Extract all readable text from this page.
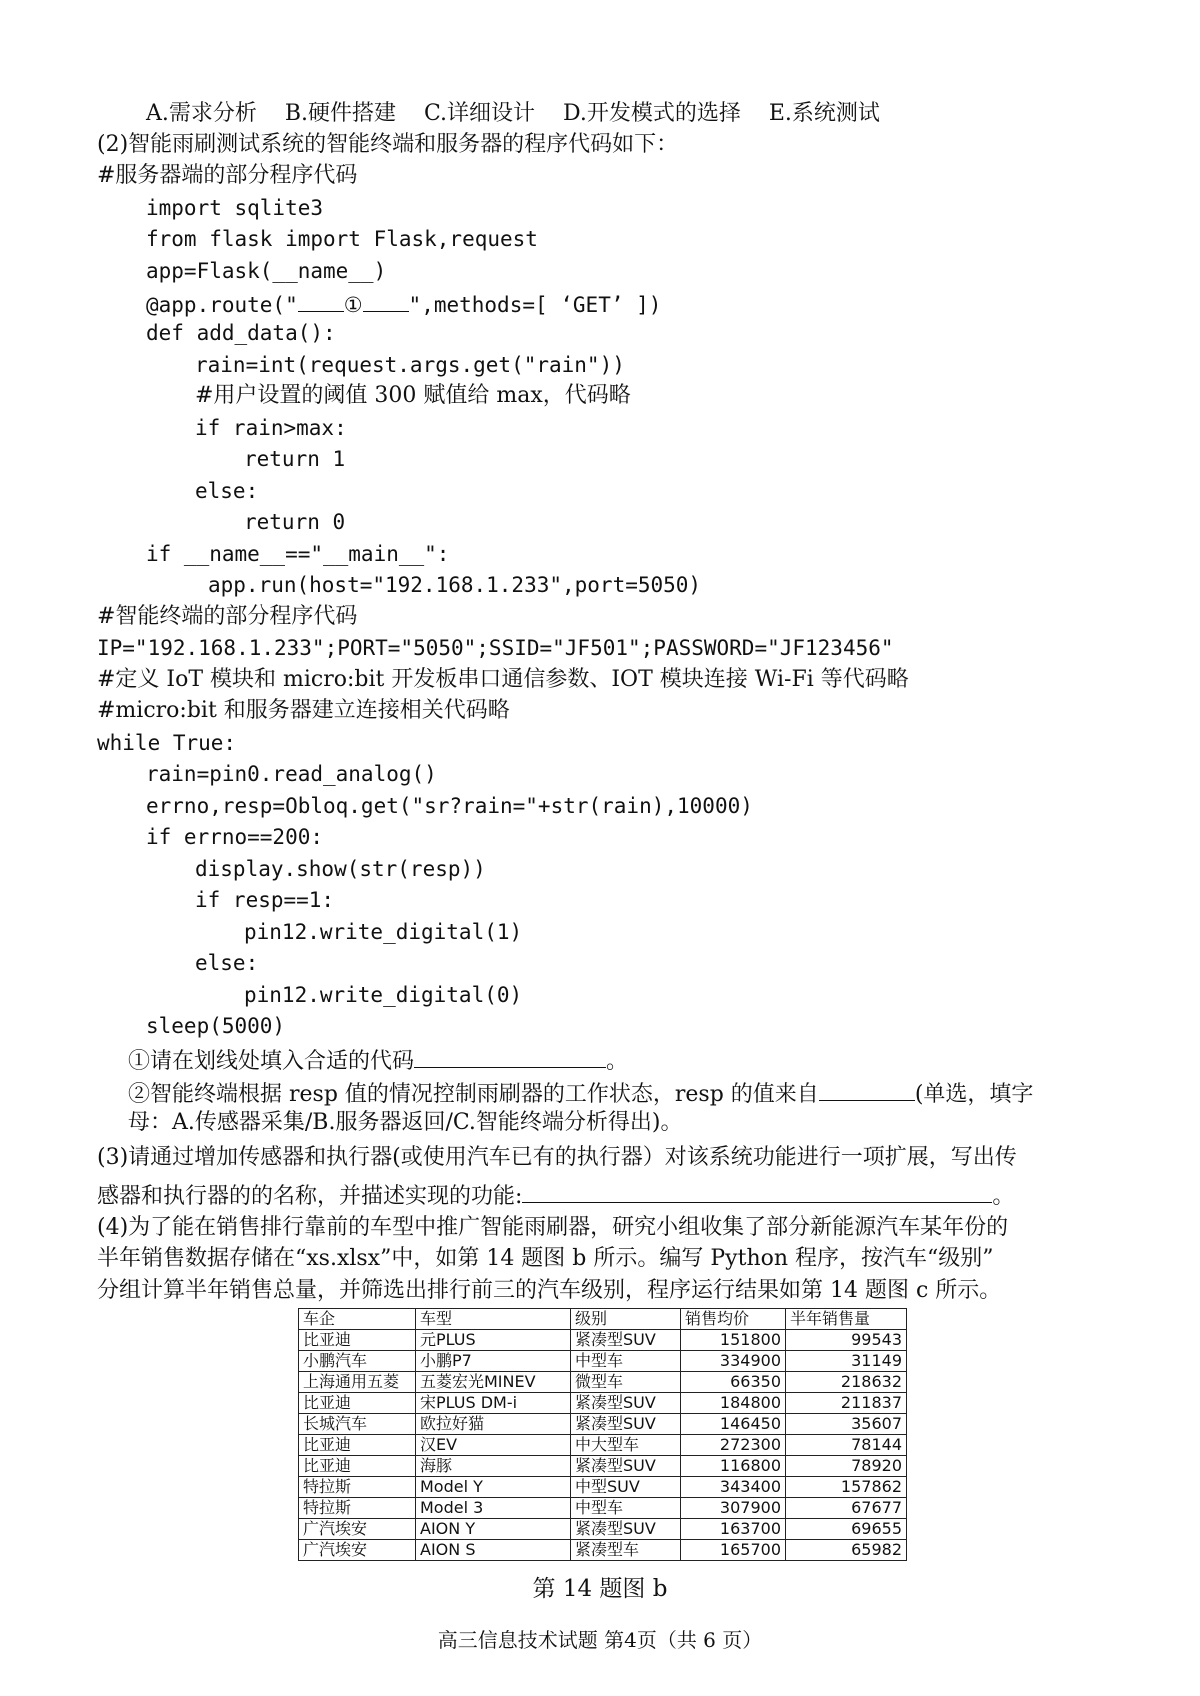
A.需求分析    B.硬件搭建    C.详细设计    D.开发模式的选择    E.系统测试
(2)智能雨刷测试系统的智能终端和服务器的程序代码如下：
#服务器端的部分程序代码
import sqlite3
from flask import Flask,request
app=Flask(__name__)
@app.route(" ① ",methods=[ ‘GET’ ])
def add_data():
rain=int(request.args.get("rain"))
#用户设置的阈值 300 赋值给 max，代码略
if rain>max:
return 1
else:
return 0
if __name__=="__main__":
app.run(host="192.168.1.233",port=5050)
#智能终端的部分程序代码
IP="192.168.1.233";PORT="5050";SSID="JF501";PASSWORD="JF123456"
#定义 IoT 模块和 micro:bit 开发板串口通信参数、IOT 模块连接 Wi-Fi 等代码略
#micro:bit 和服务器建立连接相关代码略
while True:
rain=pin0.read_analog()
errno,resp=Obloq.get("sr?rain="+str(rain),10000)
if errno==200:
display.show(str(resp))
if resp==1:
pin12.write_digital(1)
else:
pin12.write_digital(0)
sleep(5000)
①请在划线处填入合适的代码	。
②智能终端根据 resp 值的情况控制雨刷器的工作状态，resp 的值来自	(单选，填字
母：A.传感器采集/B.服务器返回/C.智能终端分析得出)。
(3)请通过增加传感器和执行器(或使用汽车已有的执行器）对该系统功能进行一项扩展，写出传
感器和执行器的的名称，并描述实现的功能:	。
(4)为了能在销售排行靠前的车型中推广智能雨刷器，研究小组收集了部分新能源汽车某年份的
半年销售数据存储在“xs.xlsx”中，如第 14 题图 b 所示。编写 Python 程序，按汽车“级别”
分组计算半年销售总量，并筛选出排行前三的汽车级别，程序运行结果如第 14 题图 c 所示。
车企	车型	级别	销售均价	半年销售量
比亚迪	元PLUS	紧凑型SUV	151800	99543
小鹏汽车	小鹏P7	中型车	334900	31149
上海通用五菱	五菱宏光MINEV	微型车	66350	218632
比亚迪	宋PLUS DM-i	紧凑型SUV	184800	211837
长城汽车	欧拉好猫	紧凑型SUV	146450	35607
比亚迪	汉EV	中大型车	272300	78144
比亚迪	海豚	紧凑型SUV	116800	78920
特拉斯	Model Y	中型SUV	343400	157862
特拉斯	Model 3	中型车	307900	67677
广汽埃安	AION Y	紧凑型SUV	163700	69655
广汽埃安	AION S	紧凑型车	165700	65982
第 14 题图 b
高三信息技术试题 第4页（共 6 页）
